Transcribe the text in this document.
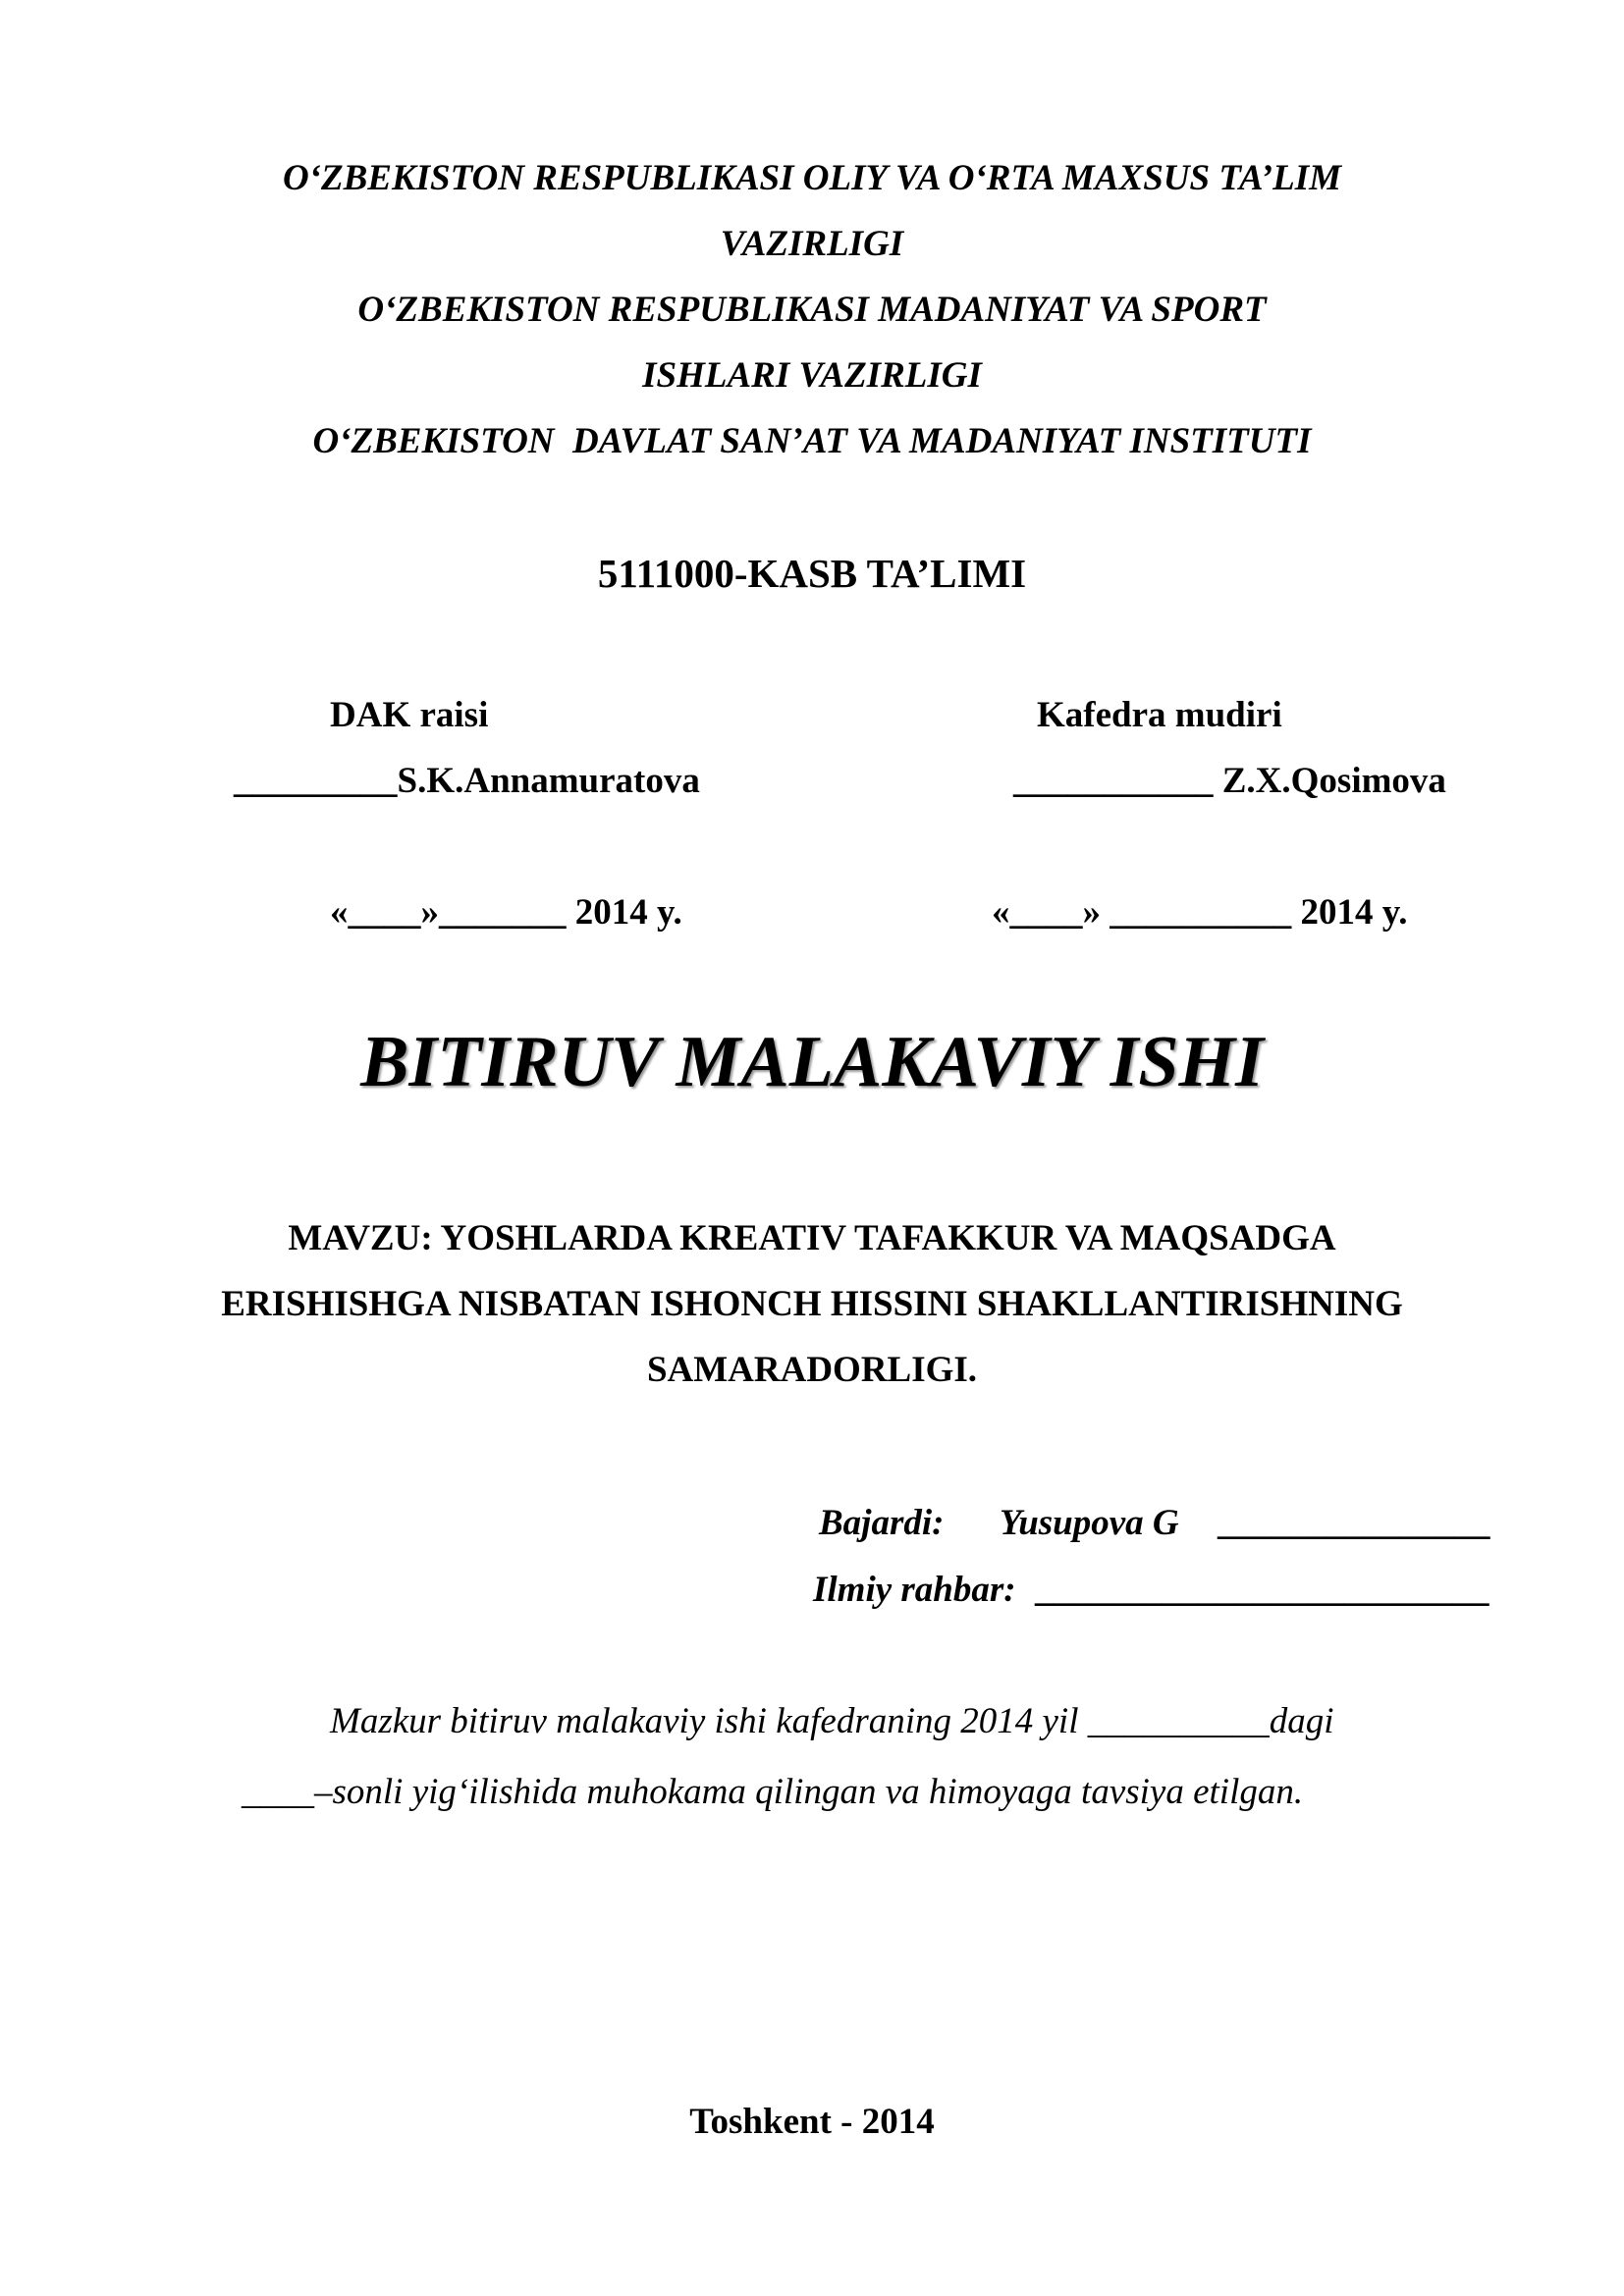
O‘ZBEKISTON RESPUBLIKASI OLIY VA O‘RTA MAXSUS TA’LIM

VAZIRLIGI

O‘ZBEKISTON RESPUBLIKASI MADANIYAT VA SPORT

ISHLARI VAZIRLIGI

O‘ZBEKISTON  DAVLAT SAN’AT VA MADANIYAT INSTITUTI

5111000-KASB TA’LIMI

DAK raisi

_________S.K.Annamuratova

«____»_______ 2014 y.

Kafedra mudiri

___________ Z.X.Qosimova

«____» __________ 2014 y.

BITIRUV MALAKAVIY ISHI

MAVZU: YOSHLARDA KREATIV TAFAKKUR VA MAQSADGA

ERISHISHGA NISBATAN ISHONCH HISSINI SHAKLLANTIRISHNING

SAMARADORLIGI.

Bajardi: Yusupova G _______________

Ilmiy rahbar: _________________________

Mazkur bitiruv malakaviy ishi kafedraning 2014 yil __________dagi

____–sonli yig‘ilishida muhokama qilingan va himoyaga tavsiya etilgan.

Toshkent - 2014
